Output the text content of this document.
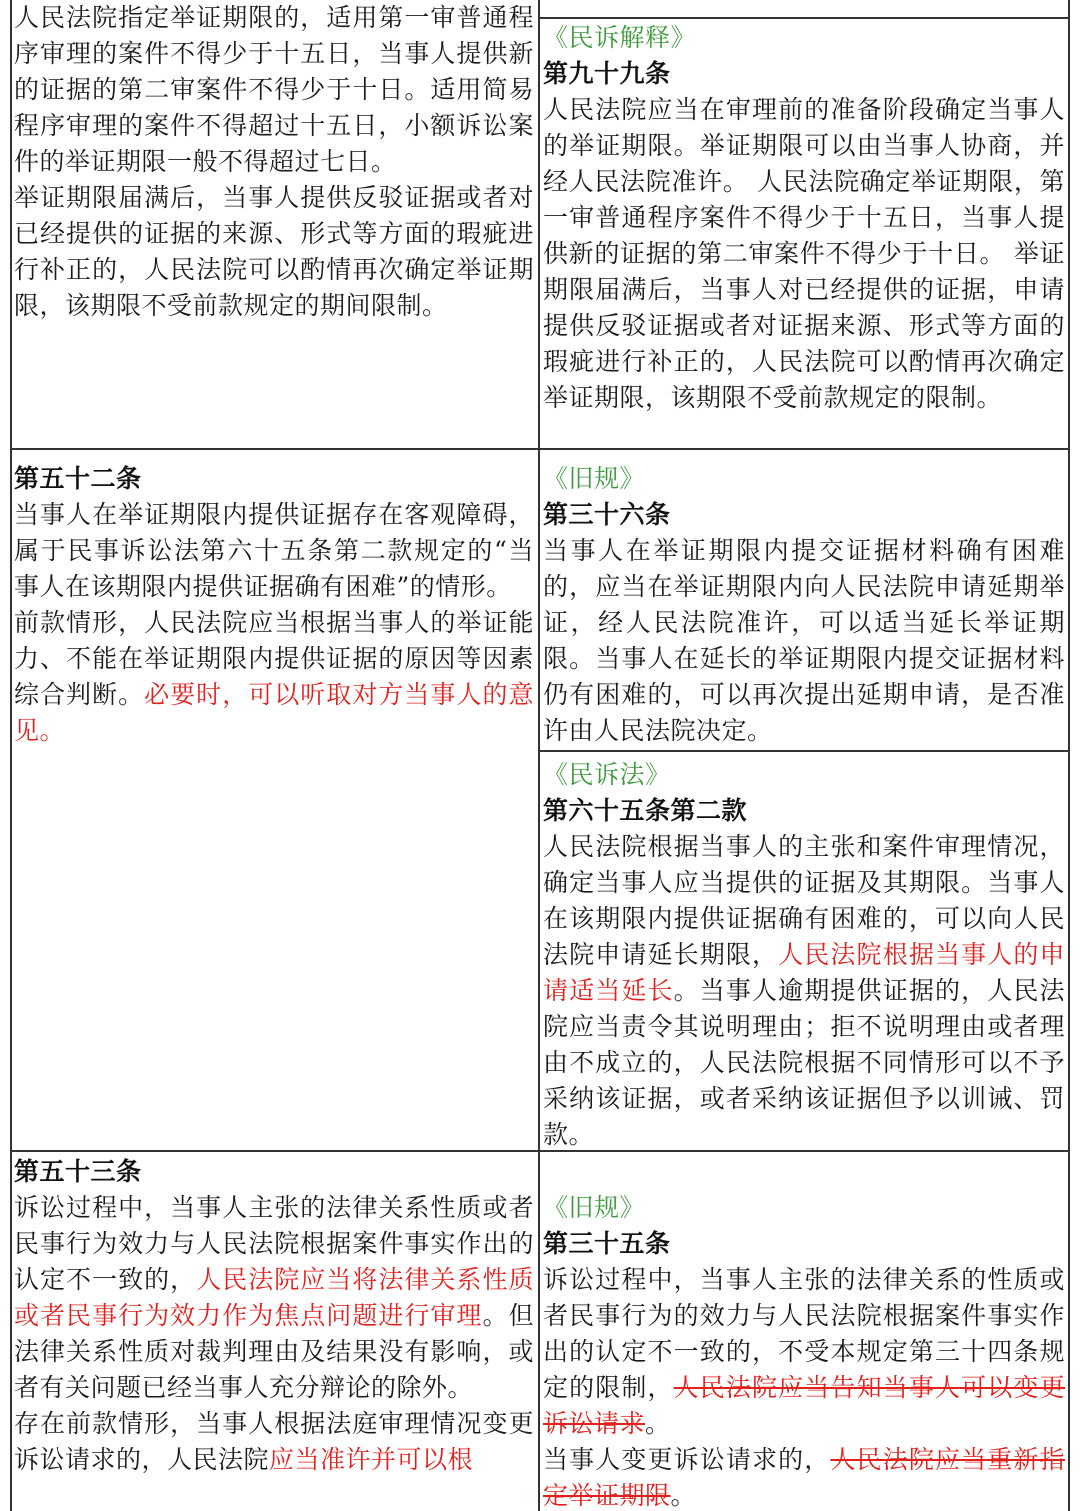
人民法院指定举证期限的，适用第一审普通程序审理的案件不得少于十五日，当事人提供新的证据的第二审案件不得少于十日。适用简易程序审理的案件不得超过十五日，小额诉讼案件的举证期限一般不得超过七日。

举证期限届满后，当事人提供反驳证据或者对已经提供的证据的来源、形式等方面的瑕疵进行补正的，人民法院可以酌情再次确定举证期限，该期限不受前款规定的期间限制。

《民诉解释》

第九十九条

人民法院应当在审理前的准备阶段确定当事人的举证期限。举证期限可以由当事人协商，并经人民法院准许。 人民法院确定举证期限，第一审普通程序案件不得少于十五日，当事人提供新的证据的第二审案件不得少于十日。 举证期限届满后，当事人对已经提供的证据，申请提供反驳证据或者对证据来源、形式等方面的瑕疵进行补正的，人民法院可以酌情再次确定举证期限，该期限不受前款规定的限制。

第五十二条

当事人在举证期限内提供证据存在客观障碍，属于民事诉讼法第六十五条第二款规定的“当事人在该期限内提供证据确有困难”的情形。

前款情形，人民法院应当根据当事人的举证能力、不能在举证期限内提供证据的原因等因素综合判断。必要时，可以听取对方当事人的意见。

《旧规》

第三十六条

当事人在举证期限内提交证据材料确有困难的，应当在举证期限内向人民法院申请延期举证，经人民法院准许，可以适当延长举证期限。当事人在延长的举证期限内提交证据材料仍有困难的，可以再次提出延期申请，是否准许由人民法院决定。

《民诉法》

第六十五条第二款

人民法院根据当事人的主张和案件审理情况，确定当事人应当提供的证据及其期限。当事人在该期限内提供证据确有困难的，可以向人民法院申请延长期限，人民法院根据当事人的申请适当延长。当事人逾期提供证据的，人民法院应当责令其说明理由；拒不说明理由或者理由不成立的，人民法院根据不同情形可以不予采纳该证据，或者采纳该证据但予以训诫、罚款。

第五十三条

诉讼过程中，当事人主张的法律关系性质或者民事行为效力与人民法院根据案件事实作出的认定不一致的，人民法院应当将法律关系性质或者民事行为效力作为焦点问题进行审理。但法律关系性质对裁判理由及结果没有影响，或者有关问题已经当事人充分辩论的除外。

存在前款情形，当事人根据法庭审理情况变更诉讼请求的，人民法院应当准许并可以根

《旧规》

第三十五条

诉讼过程中，当事人主张的法律关系的性质或者民事行为的效力与人民法院根据案件事实作出的认定不一致的，不受本规定第三十四条规定的限制，人民法院应当告知当事人可以变更诉讼请求。

当事人变更诉讼请求的，人民法院应当重新指定举证期限。
